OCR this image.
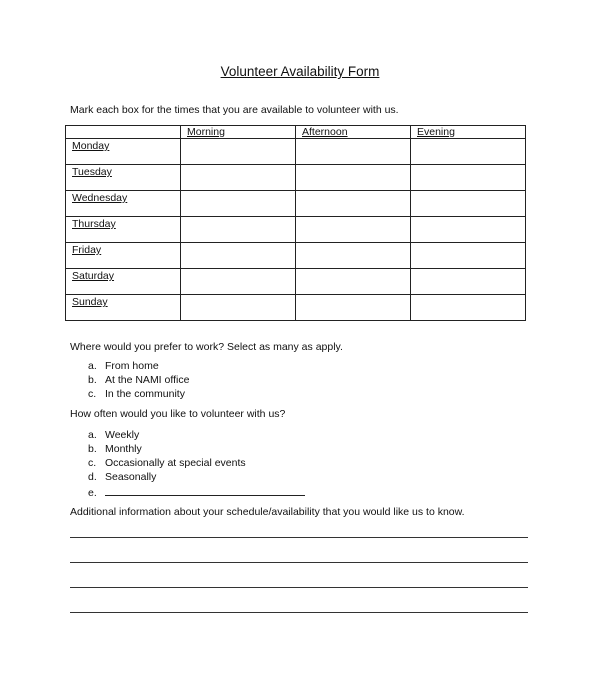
Volunteer Availability Form
Mark each box for the times that you are available to volunteer with us.
	Morning	Afternoon	Evening
Monday			
Tuesday			
Wednesday			
Thursday			
Friday			
Saturday			
Sunday			
Where would you prefer to work? Select as many as apply.
a. From home
b. At the NAMI office
c. In the community
How often would you like to volunteer with us?
a. Weekly
b. Monthly
c. Occasionally at special events
d. Seasonally
e.
Additional information about your schedule/availability that you would like us to know.
